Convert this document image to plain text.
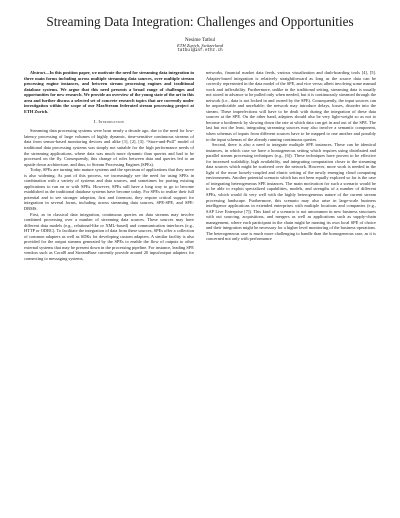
Streaming Data Integration: Challenges and Opportunities
Nesime Tatbul
ETH Zurich, Switzerland
tatbul@inf.ethz.ch

Abstract—In this position paper, we motivate the need for streaming data integration in three main forms including across multiple streaming data sources, over multiple stream processing engine instances, and between stream processing engines and traditional database systems. We argue that this need presents a broad range of challenges and opportunities for new research. We provide an overview of the young state of the art in this area and further discuss a selected set of concrete research topics that are currently under investigation within the scope of our MaxStream federated stream processing project at ETH Zurich.

I. Introduction

Streaming data processing systems were born nearly a decade ago, due to the need for low-latency processing of large volumes of highly dynamic, time-sensitive continuous streams of data from sensor-based monitoring devices and alike [1], [2], [3]. “Store-and-Pull” model of traditional data processing systems was simply not suitable for the high performance needs of the streaming applications, where data was much more dynamic than queries and had to be processed on the fly. Consequently, this change of roles between data and queries led to an upside down architecture, and thus, to Stream Processing Engines (SPEs).

Today, SPEs are turning into mature systems and the spectrum of applications that they serve is also widening. As part of this process, we increasingly see the need for using SPEs in combination with a variety of systems and data sources, and sometimes for porting existing applications to run on or with SPEs. However, SPEs still have a long way to go to become established as the traditional database systems have become today. For SPEs to realize their full potential and to see stronger adoption, first and foremost, they require critical support for integration in several forms, including across streaming data sources, SPE-SPE, and SPE-DBMS.

First, as in classical data integration, continuous queries on data streams may involve combined processing over a number of streaming data sources. These sources may have different data models (e.g., relational-like or XML-based) and communication interfaces (e.g., HTTP or ODBC). To facilitate the integration of data from these sources, SPEs offer a collection of common adapters as well as SDKs for developing custom adapters. A similar facility is also provided for the output streams generated by the SPEs to enable the flow of outputs to other external systems that may be present down in the processing pipeline. For instance, leading SPE vendors such as Coral8 and StreamBase currently provide around 20 input/output adapters for connecting to messaging systems,

networks, financial market data feeds, various visualization and dash-boarding tools [4], [5]. Adapter-based integration is relatively straightforward as long as the source data can be correctly represented in the data model of the SPE, and vice versa; albeit involving some manual work and inflexibility. Furthermore, unlike in the traditional setting, streaming data is usually not stored in advance to be pulled only when needed, but it is continuously streamed through the network (i.e., data is not locked in and owned by the SPE). Consequently, the input sources can be unpredictable and unreliable; the network may introduce delays, losses, disorder into the stream. These imperfections will have to be dealt with during the integration of these data sources at the SPE. On the other hand, adapters should also be very light-weight so as not to become a bottleneck by slowing down the rate at which data can get in and out of the SPE. The last but not the least, integrating streaming sources may also involve a semantic component, when schemas of inputs from different sources have to be mapped to one another and possibly to the input schemas of the already running continuous queries.

Second, there is also a need to integrate multiple SPE instances. These can be identical instances, in which case we have a homogeneous setting which requires using distributed and parallel stream processing techniques (e.g., [6]). These techniques have proven to be effective for increased scalability, high availability, and integrating computation closer to the streaming data sources which might be scattered over the network. However, more work is needed in the light of the more loosely-coupled and elastic setting of the newly emerging cloud computing environments. Another potential scenario which has not been equally explored so far is the case of integrating heterogeneous SPE instances. The main motivation for such a scenario would be to be able to exploit specialized capabilities, models, and strengths of a number of different SPEs, which would fit very well with the highly heterogeneous nature of the current stream processing landscape. Furthermore, this scenario may also arise in large-scale business intelligence applications in extended enterprises with multiple locations and companies (e.g., SAP Live Enterprise [7]). This kind of a scenario is not uncommon in new business structures with out sourcing, acquisitions, and mergers as well as applications such as supply-chain management, where each participant in the chain might be running its own local SPE of choice and their integration might be necessary for a higher level monitoring of the business operations. The heterogeneous case is much more challenging to handle than the homogeneous case, as it is concerned not only with performance
